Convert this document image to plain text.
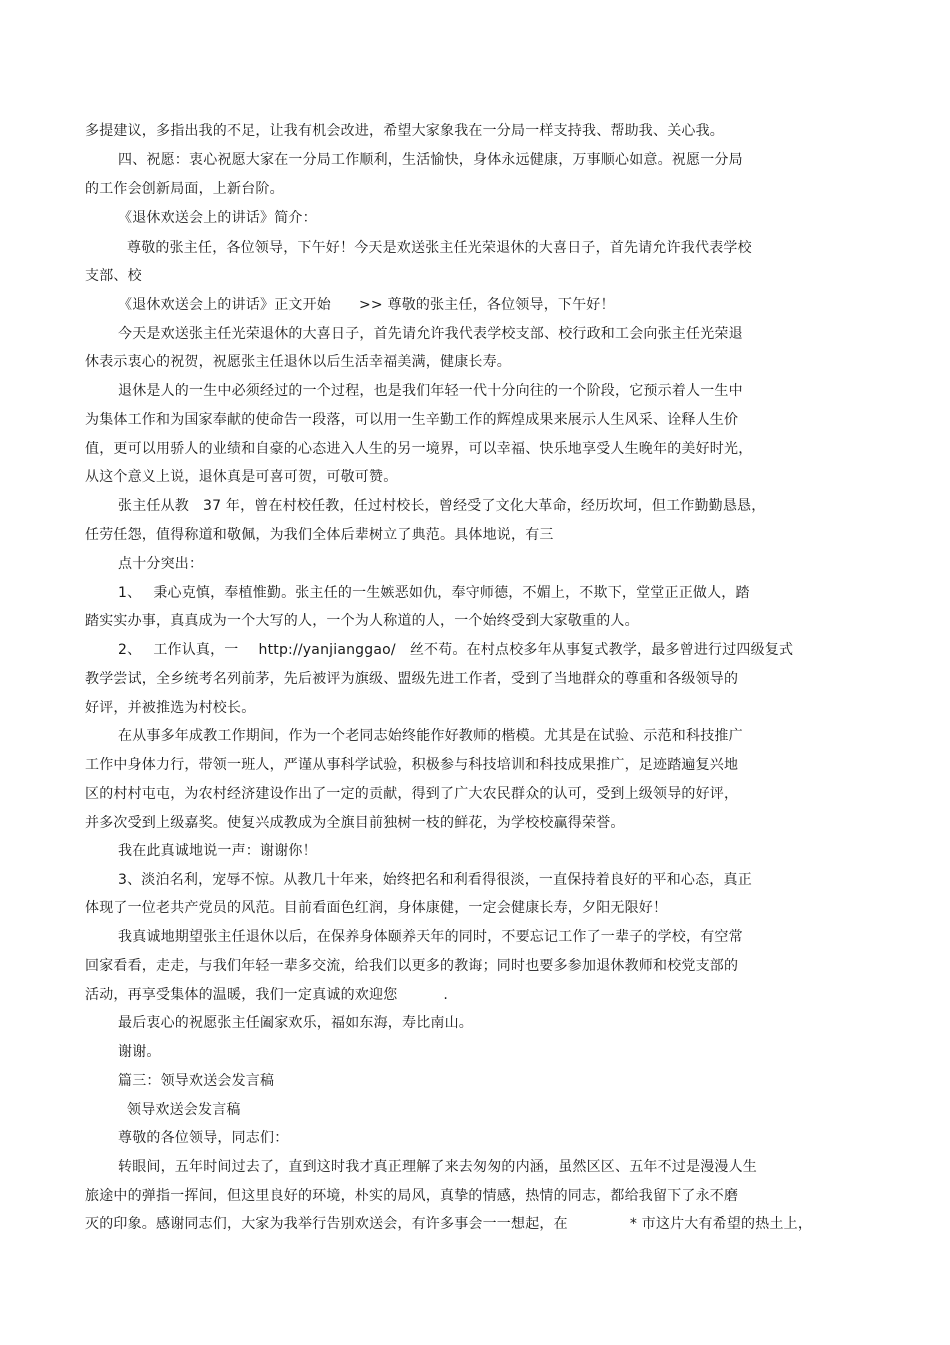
多提建议，多指出我的不足，让我有机会改进，希望大家象我在一分局一样支持我、帮助我、关心我。

四、祝愿：衷心祝愿大家在一分局工作顺利，生活愉快，身体永远健康，万事顺心如意。祝愿一分局

的工作会创新局面，上新台阶。

《退休欢送会上的讲话》简介：

尊敬的张主任，各位领导，下午好！今天是欢送张主任光荣退休的大喜日子，首先请允许我代表学校

支部、校

《退休欢送会上的讲话》正文开始 >> 尊敬的张主任，各位领导，下午好！

今天是欢送张主任光荣退休的大喜日子，首先请允许我代表学校支部、校行政和工会向张主任光荣退

休表示衷心的祝贺，祝愿张主任退休以后生活幸福美满，健康长寿。

退休是人的一生中必须经过的一个过程，也是我们年轻一代十分向往的一个阶段，它预示着人一生中

为集体工作和为国家奉献的使命告一段落，可以用一生辛勤工作的辉煌成果来展示人生风采、诠释人生价

值，更可以用骄人的业绩和自豪的心态进入人生的另一境界，可以幸福、快乐地享受人生晚年的美好时光，

从这个意义上说，退休真是可喜可贺，可敬可赞。

张主任从教 37 年，曾在村校任教，任过村校长，曾经受了文化大革命，经历坎坷，但工作勤勤恳恳，

任劳任怨，值得称道和敬佩，为我们全体后辈树立了典范。具体地说，有三

点十分突出：

1、 秉心克慎，奉植惟勤。张主任的一生嫉恶如仇，奉守师德，不媚上，不欺下，堂堂正正做人，踏

踏实实办事，真真成为一个大写的人，一个为人称道的人，一个始终受到大家敬重的人。

2、 工作认真，一 http://yanjianggao/ 丝不苟。在村点校多年从事复式教学，最多曾进行过四级复式

教学尝试，全乡统考名列前茅，先后被评为旗级、盟级先进工作者，受到了当地群众的尊重和各级领导的

好评，并被推选为村校长。

在从事多年成教工作期间，作为一个老同志始终能作好教师的楷模。尤其是在试验、示范和科技推广

工作中身体力行，带领一班人，严谨从事科学试验，积极参与科技培训和科技成果推广，足迹踏遍复兴地

区的村村屯屯，为农村经济建设作出了一定的贡献，得到了广大农民群众的认可，受到上级领导的好评，

并多次受到上级嘉奖。使复兴成教成为全旗目前独树一枝的鲜花，为学校校赢得荣誉。

我在此真诚地说一声：谢谢你！

3、淡泊名利，宠辱不惊。从教几十年来，始终把名和利看得很淡，一直保持着良好的平和心态，真正

体现了一位老共产党员的风范。目前看面色红润，身体康健，一定会健康长寿，夕阳无限好！

我真诚地期望张主任退休以后，在保养身体颐养天年的同时，不要忘记工作了一辈子的学校，有空常

回家看看，走走，与我们年轻一辈多交流，给我们以更多的教诲；同时也要多参加退休教师和校党支部的

活动，再享受集体的温暖，我们一定真诚的欢迎您	.

最后衷心的祝愿张主任阖家欢乐，福如东海，寿比南山。

谢谢。

篇三：领导欢送会发言稿

领导欢送会发言稿

尊敬的各位领导，同志们：

转眼间，五年时间过去了，直到这时我才真正理解了来去匆匆的内涵，虽然区区、五年不过是漫漫人生

旅途中的弹指一挥间，但这里良好的环境，朴实的局风，真挚的情感，热情的同志，都给我留下了永不磨

灭的印象。感谢同志们，大家为我举行告别欢送会，有许多事会一一想起，在	* 市这片大有希望的热土上，
